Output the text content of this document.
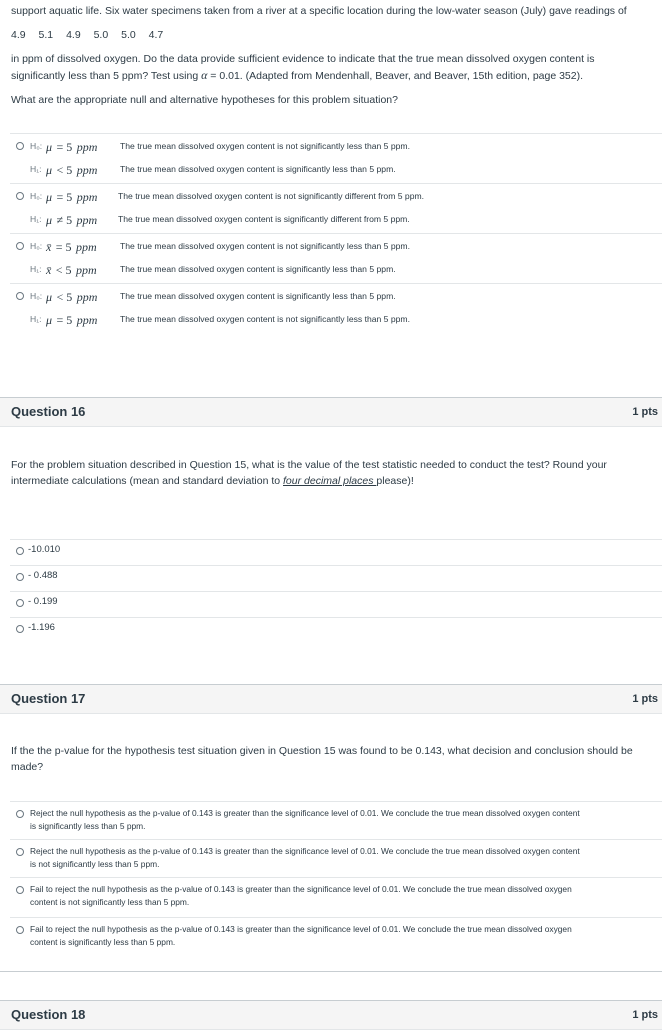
support aquatic life. Six water specimens taken from a river at a specific location during the low-water season (July) gave readings of
4.9 5.1 4.9 5.0 5.0 4.7
in ppm of dissolved oxygen. Do the data provide sufficient evidence to indicate that the true mean dissolved oxygen content is
significantly less than 5 ppm? Test using α = 0.01. (Adapted from Mendenhall, Beaver, and Beaver, 15th edition, page 352).
What are the appropriate null and alternative hypotheses for this problem situation?
H₀: μ = 5 ppm	The true mean dissolved oxygen content is not significantly less than 5 ppm.
H₁: μ < 5 ppm	The true mean dissolved oxygen content is significantly less than 5 ppm.
H₀: μ = 5 ppm The true mean dissolved oxygen content is not significantly different from 5 ppm.
H₁: μ ≠ 5 ppm The true mean dissolved oxygen content is significantly different from 5 ppm.
H₀: x̄ = 5 ppm	The true mean dissolved oxygen content is not significantly less than 5 ppm.
H₁: x̄ < 5 ppm	The true mean dissolved oxygen content is significantly less than 5 ppm.
H₀: μ < 5 ppm	The true mean dissolved oxygen content is significantly less than 5 ppm.
H₁: μ = 5 ppm	The true mean dissolved oxygen content is not significantly less than 5 ppm.
Question 16	1 pts
For the problem situation described in Question 15, what is the value of the test statistic needed to conduct the test? Round your
intermediate calculations (mean and standard deviation to four decimal places please)!
-10.010
- 0.488
- 0.199
-1.196
Question 17	1 pts
If the the p-value for the hypothesis test situation given in Question 15 was found to be 0.143, what decision and conclusion should be
made?
Reject the null hypothesis as the p-value of 0.143 is greater than the significance level of 0.01. We conclude the true mean dissolved oxygen content
is significantly less than 5 ppm.
Reject the null hypothesis as the p-value of 0.143 is greater than the significance level of 0.01. We conclude the true mean dissolved oxygen content
is not significantly less than 5 ppm.
Fail to reject the null hypothesis as the p-value of 0.143 is greater than the significance level of 0.01. We conclude the true mean dissolved oxygen
content is not significantly less than 5 ppm.
Fail to reject the null hypothesis as the p-value of 0.143 is greater than the significance level of 0.01. We conclude the true mean dissolved oxygen
content is significantly less than 5 ppm.
Question 18	1 pts
